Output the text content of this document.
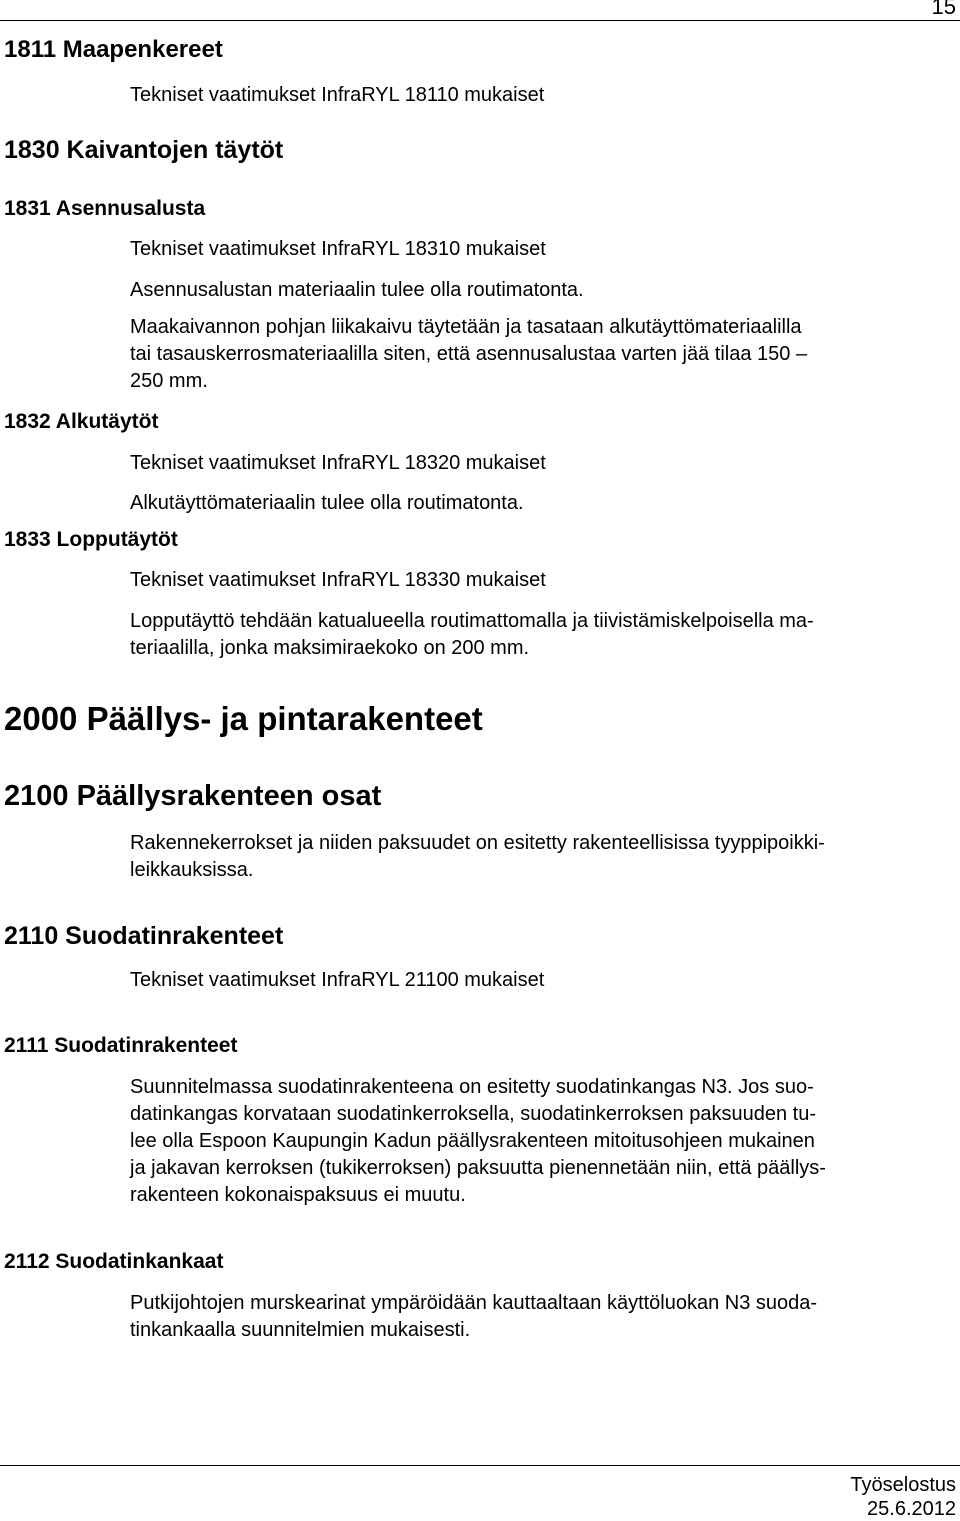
15
1811 Maapenkereet
Tekniset vaatimukset InfraRYL 18110 mukaiset
1830 Kaivantojen täytöt
1831 Asennusalusta
Tekniset vaatimukset InfraRYL 18310 mukaiset
Asennusalustan materiaalin tulee olla routimatonta.
Maakaivannon pohjan liikakaivu täytetään ja tasataan alkutäyttömateriaalilla
tai tasauskerrosmateriaalilla siten, että asennusalustaa varten jää tilaa 150 –
250 mm.
1832 Alkutäytöt
Tekniset vaatimukset InfraRYL 18320 mukaiset
Alkutäyttömateriaalin tulee olla routimatonta.
1833 Lopputäytöt
Tekniset vaatimukset InfraRYL 18330 mukaiset
Lopputäyttö tehdään katualueella routimattomalla ja tiivistämiskelpoisella ma-
teriaalilla, jonka maksimiraekoko on 200 mm.
2000 Päällys- ja pintarakenteet
2100 Päällysrakenteen osat
Rakennekerrokset ja niiden paksuudet on esitetty rakenteellisissa tyyppipoikki-
leikkauksissa.
2110 Suodatinrakenteet
Tekniset vaatimukset InfraRYL 21100 mukaiset
2111 Suodatinrakenteet
Suunnitelmassa suodatinrakenteena on esitetty suodatinkangas N3. Jos suo-
datinkangas korvataan suodatinkerroksella, suodatinkerroksen paksuuden tu-
lee olla Espoon Kaupungin Kadun päällysrakenteen mitoitusohjeen mukainen
ja jakavan kerroksen (tukikerroksen) paksuutta pienennetään niin, että päällys-
rakenteen kokonaispaksuus ei muutu.
2112 Suodatinkankaat
Putkijohtojen murskearinat ympäröidään kauttaaltaan käyttöluokan N3 suoda-
tinkankaalla suunnitelmien mukaisesti.
Työselostus
25.6.2012
